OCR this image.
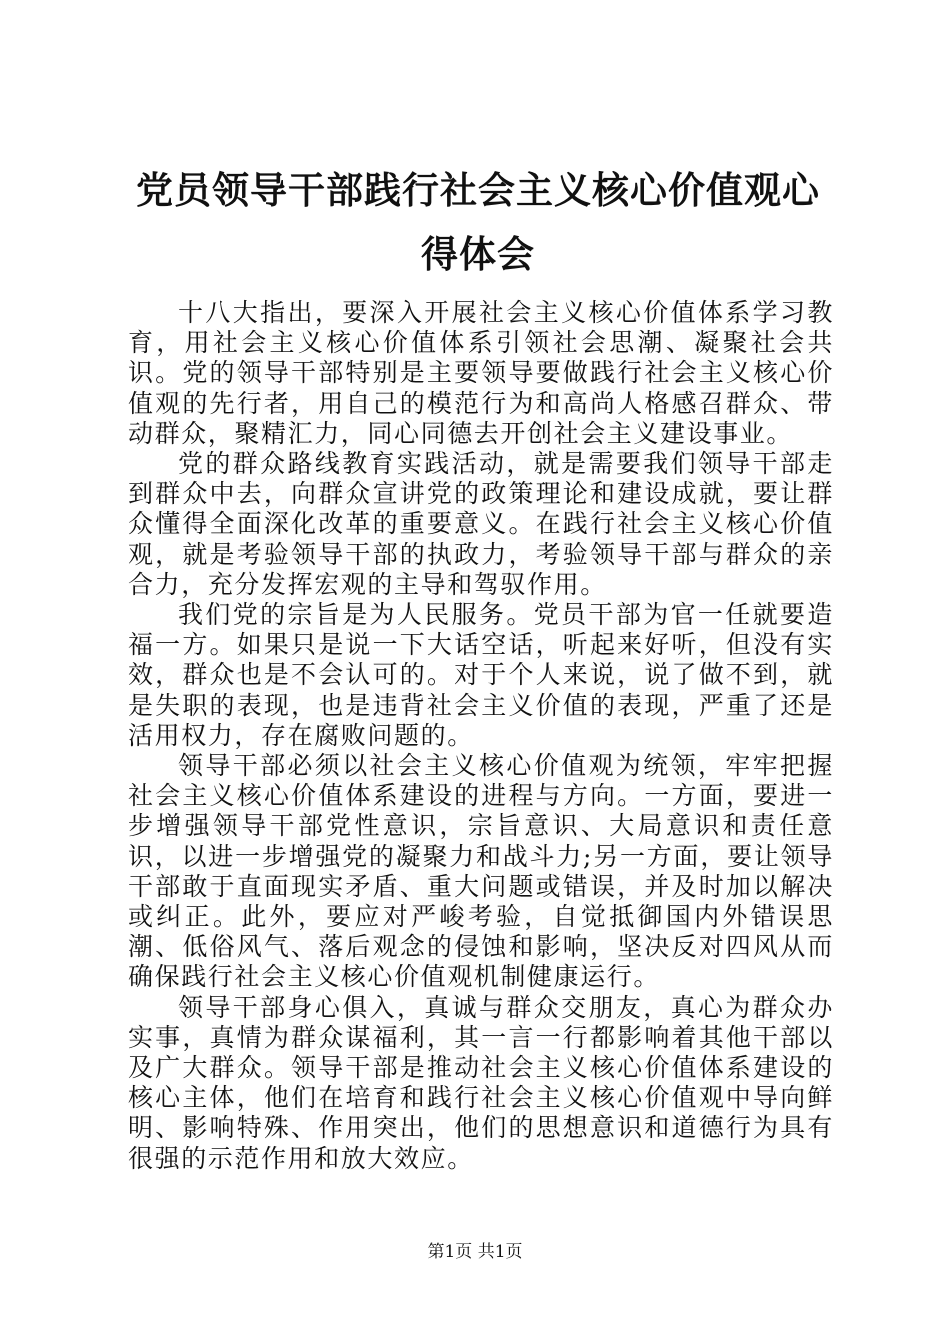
党员领导干部践行社会主义核心价值观心得体会

十八大指出，要深入开展社会主义核心价值体系学习教育，用社会主义核心价值体系引领社会思潮、凝聚社会共识。党的领导干部特别是主要领导要做践行社会主义核心价值观的先行者，用自己的模范行为和高尚人格感召群众、带动群众，聚精汇力，同心同德去开创社会主义建设事业。

党的群众路线教育实践活动，就是需要我们领导干部走到群众中去，向群众宣讲党的政策理论和建设成就，要让群众懂得全面深化改革的重要意义。在践行社会主义核心价值观，就是考验领导干部的执政力，考验领导干部与群众的亲合力，充分发挥宏观的主导和驾驭作用。

我们党的宗旨是为人民服务。党员干部为官一任就要造福一方。如果只是说一下大话空话，听起来好听，但没有实效，群众也是不会认可的。对于个人来说，说了做不到，就是失职的表现，也是违背社会主义价值的表现，严重了还是活用权力，存在腐败问题的。

领导干部必须以社会主义核心价值观为统领，牢牢把握社会主义核心价值体系建设的进程与方向。一方面，要进一步增强领导干部党性意识，宗旨意识、大局意识和责任意识，以进一步增强党的凝聚力和战斗力;另一方面，要让领导干部敢于直面现实矛盾、重大问题或错误，并及时加以解决或纠正。此外，要应对严峻考验，自觉抵御国内外错误思潮、低俗风气、落后观念的侵蚀和影响，坚决反对四风从而确保践行社会主义核心价值观机制健康运行。

领导干部身心俱入，真诚与群众交朋友，真心为群众办实事，真情为群众谋福利，其一言一行都影响着其他干部以及广大群众。领导干部是推动社会主义核心价值体系建设的核心主体，他们在培育和践行社会主义核心价值观中导向鲜明、影响特殊、作用突出，他们的思想意识和道德行为具有很强的示范作用和放大效应。

第1页 共1页
